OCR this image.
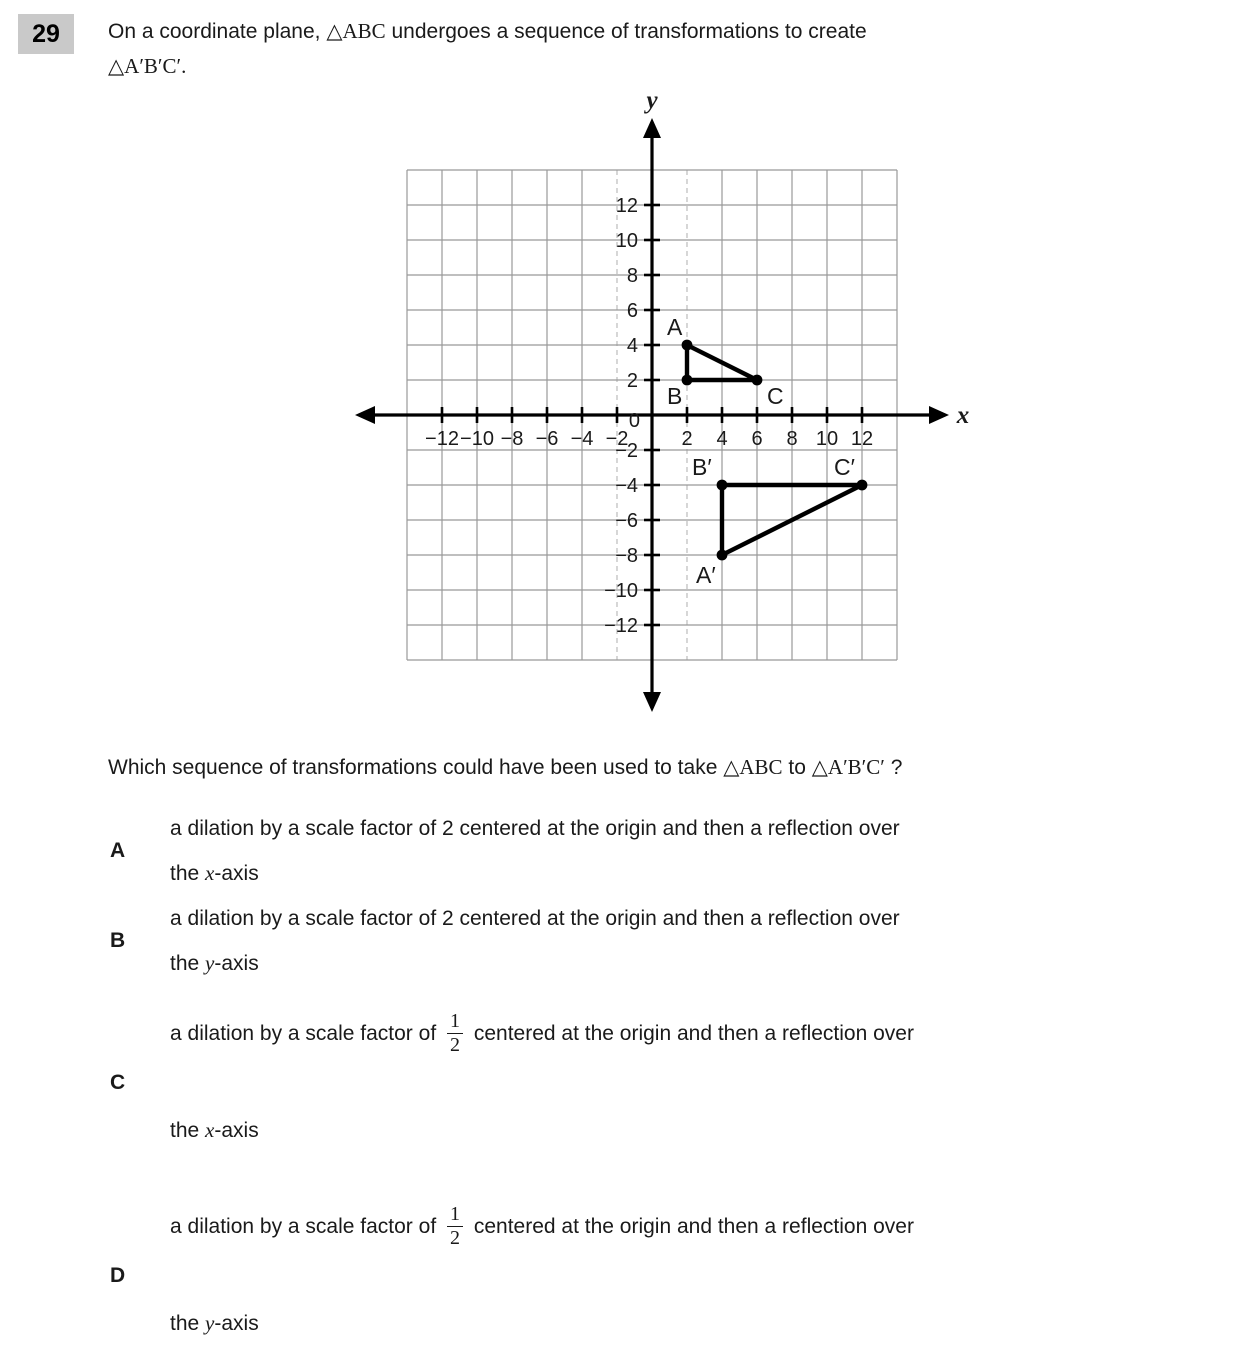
29	On a coordinate plane, △ABC undergoes a sequence of transformations to create
△A′B′C′.
−12 −10 −8 −6 −4 −2	2 4 6 8 10 12
12
10
8
6
4
2
−2
−4
−6
−8
−10
−12
0	x
y
A
B	C
A′
B′	C′
Which sequence of transformations could have been used to take △ABC to △A′B′C′ ?
A
a dilation by a scale factor of 2 centered at the origin and then a reflection over
the x-axis
B
a dilation by a scale factor of 2 centered at the origin and then a reflection over
the y-axis
C
a dilation by a scale factor of $\frac{1}{2}$ centered at the origin and then a reflection over
the x-axis
D
a dilation by a scale factor of $\frac{1}{2}$ centered at the origin and then a reflection over
the y-axis
